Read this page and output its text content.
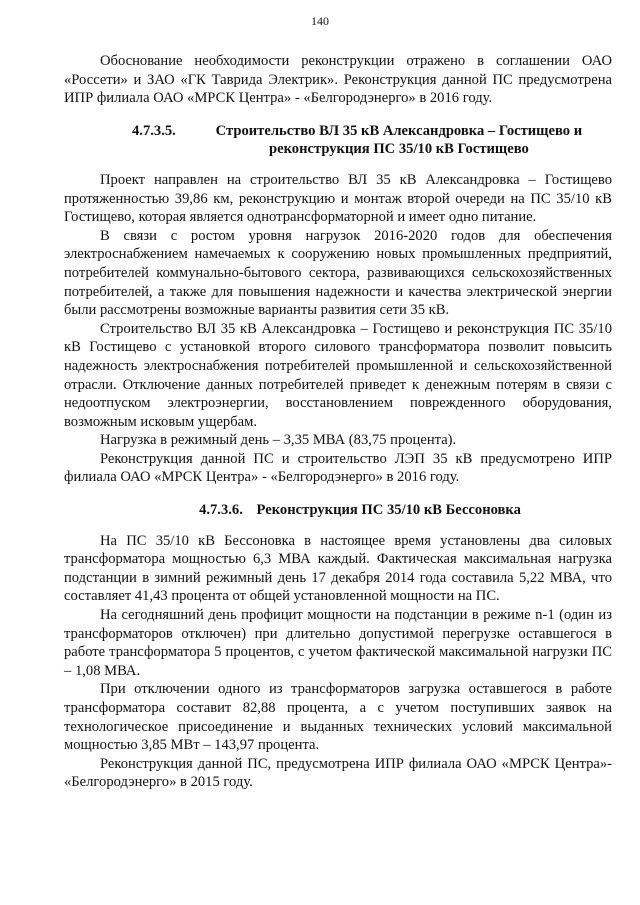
140

Обоснование необходимости реконструкции отражено в соглашении ОАО «Россети» и ЗАО «ГК Таврида Электрик». Реконструкция данной ПС предусмотрена ИПР филиала ОАО «МРСК Центра» - «Белгородэнерго» в 2016 году.

4.7.3.5.	Строительство ВЛ 35 кВ Александровка – Гостищево и реконструкция ПС 35/10 кВ Гостищево

Проект направлен на строительство ВЛ 35 кВ Александровка – Гостищево протяженностью 39,86 км, реконструкцию и монтаж второй очереди на ПС 35/10 кВ Гостищево, которая является однотрансформаторной и имеет одно питание.

В связи с ростом уровня нагрузок 2016-2020 годов для обеспечения электроснабжением намечаемых к сооружению новых промышленных предприятий, потребителей коммунально-бытового сектора, развивающихся сельскохозяйственных потребителей, а также для повышения надежности и качества электрической энергии были рассмотрены возможные варианты развития сети 35 кВ.

Строительство ВЛ 35 кВ Александровка – Гостищево и реконструкция ПС 35/10 кВ Гостищево с установкой второго силового трансформатора позволит повысить надежность электроснабжения потребителей промышленной и сельскохозяйственной отрасли. Отключение данных потребителей приведет к денежным потерям в связи с недоотпуском электроэнергии, восстановлением поврежденного оборудования, возможным исковым ущербам.

Нагрузка в режимный день – 3,35 МВА (83,75 процента).

Реконструкция данной ПС и строительство ЛЭП 35 кВ предусмотрено ИПР филиала ОАО «МРСК Центра» - «Белгородэнерго» в 2016 году.

4.7.3.6. Реконструкция ПС 35/10 кВ Бессоновка

На ПС 35/10 кВ Бессоновка в настоящее время установлены два силовых трансформатора мощностью 6,3 МВА каждый. Фактическая максимальная нагрузка подстанции в зимний режимный день 17 декабря 2014 года составила 5,22 МВА, что составляет 41,43 процента от общей установленной мощности на ПС.

На сегодняшний день профицит мощности на подстанции в режиме n-1 (один из трансформаторов отключен) при длительно допустимой перегрузке оставшегося в работе трансформатора 5 процентов, с учетом фактической максимальной нагрузки ПС – 1,08 МВА.

При отключении одного из трансформаторов загрузка оставшегося в работе трансформатора составит 82,88 процента, а с учетом поступивших заявок на технологическое присоединение и выданных технических условий максимальной мощностью 3,85 МВт – 143,97 процента.

Реконструкция данной ПС, предусмотрена ИПР филиала ОАО «МРСК Центра»- «Белгородэнерго» в 2015 году.
